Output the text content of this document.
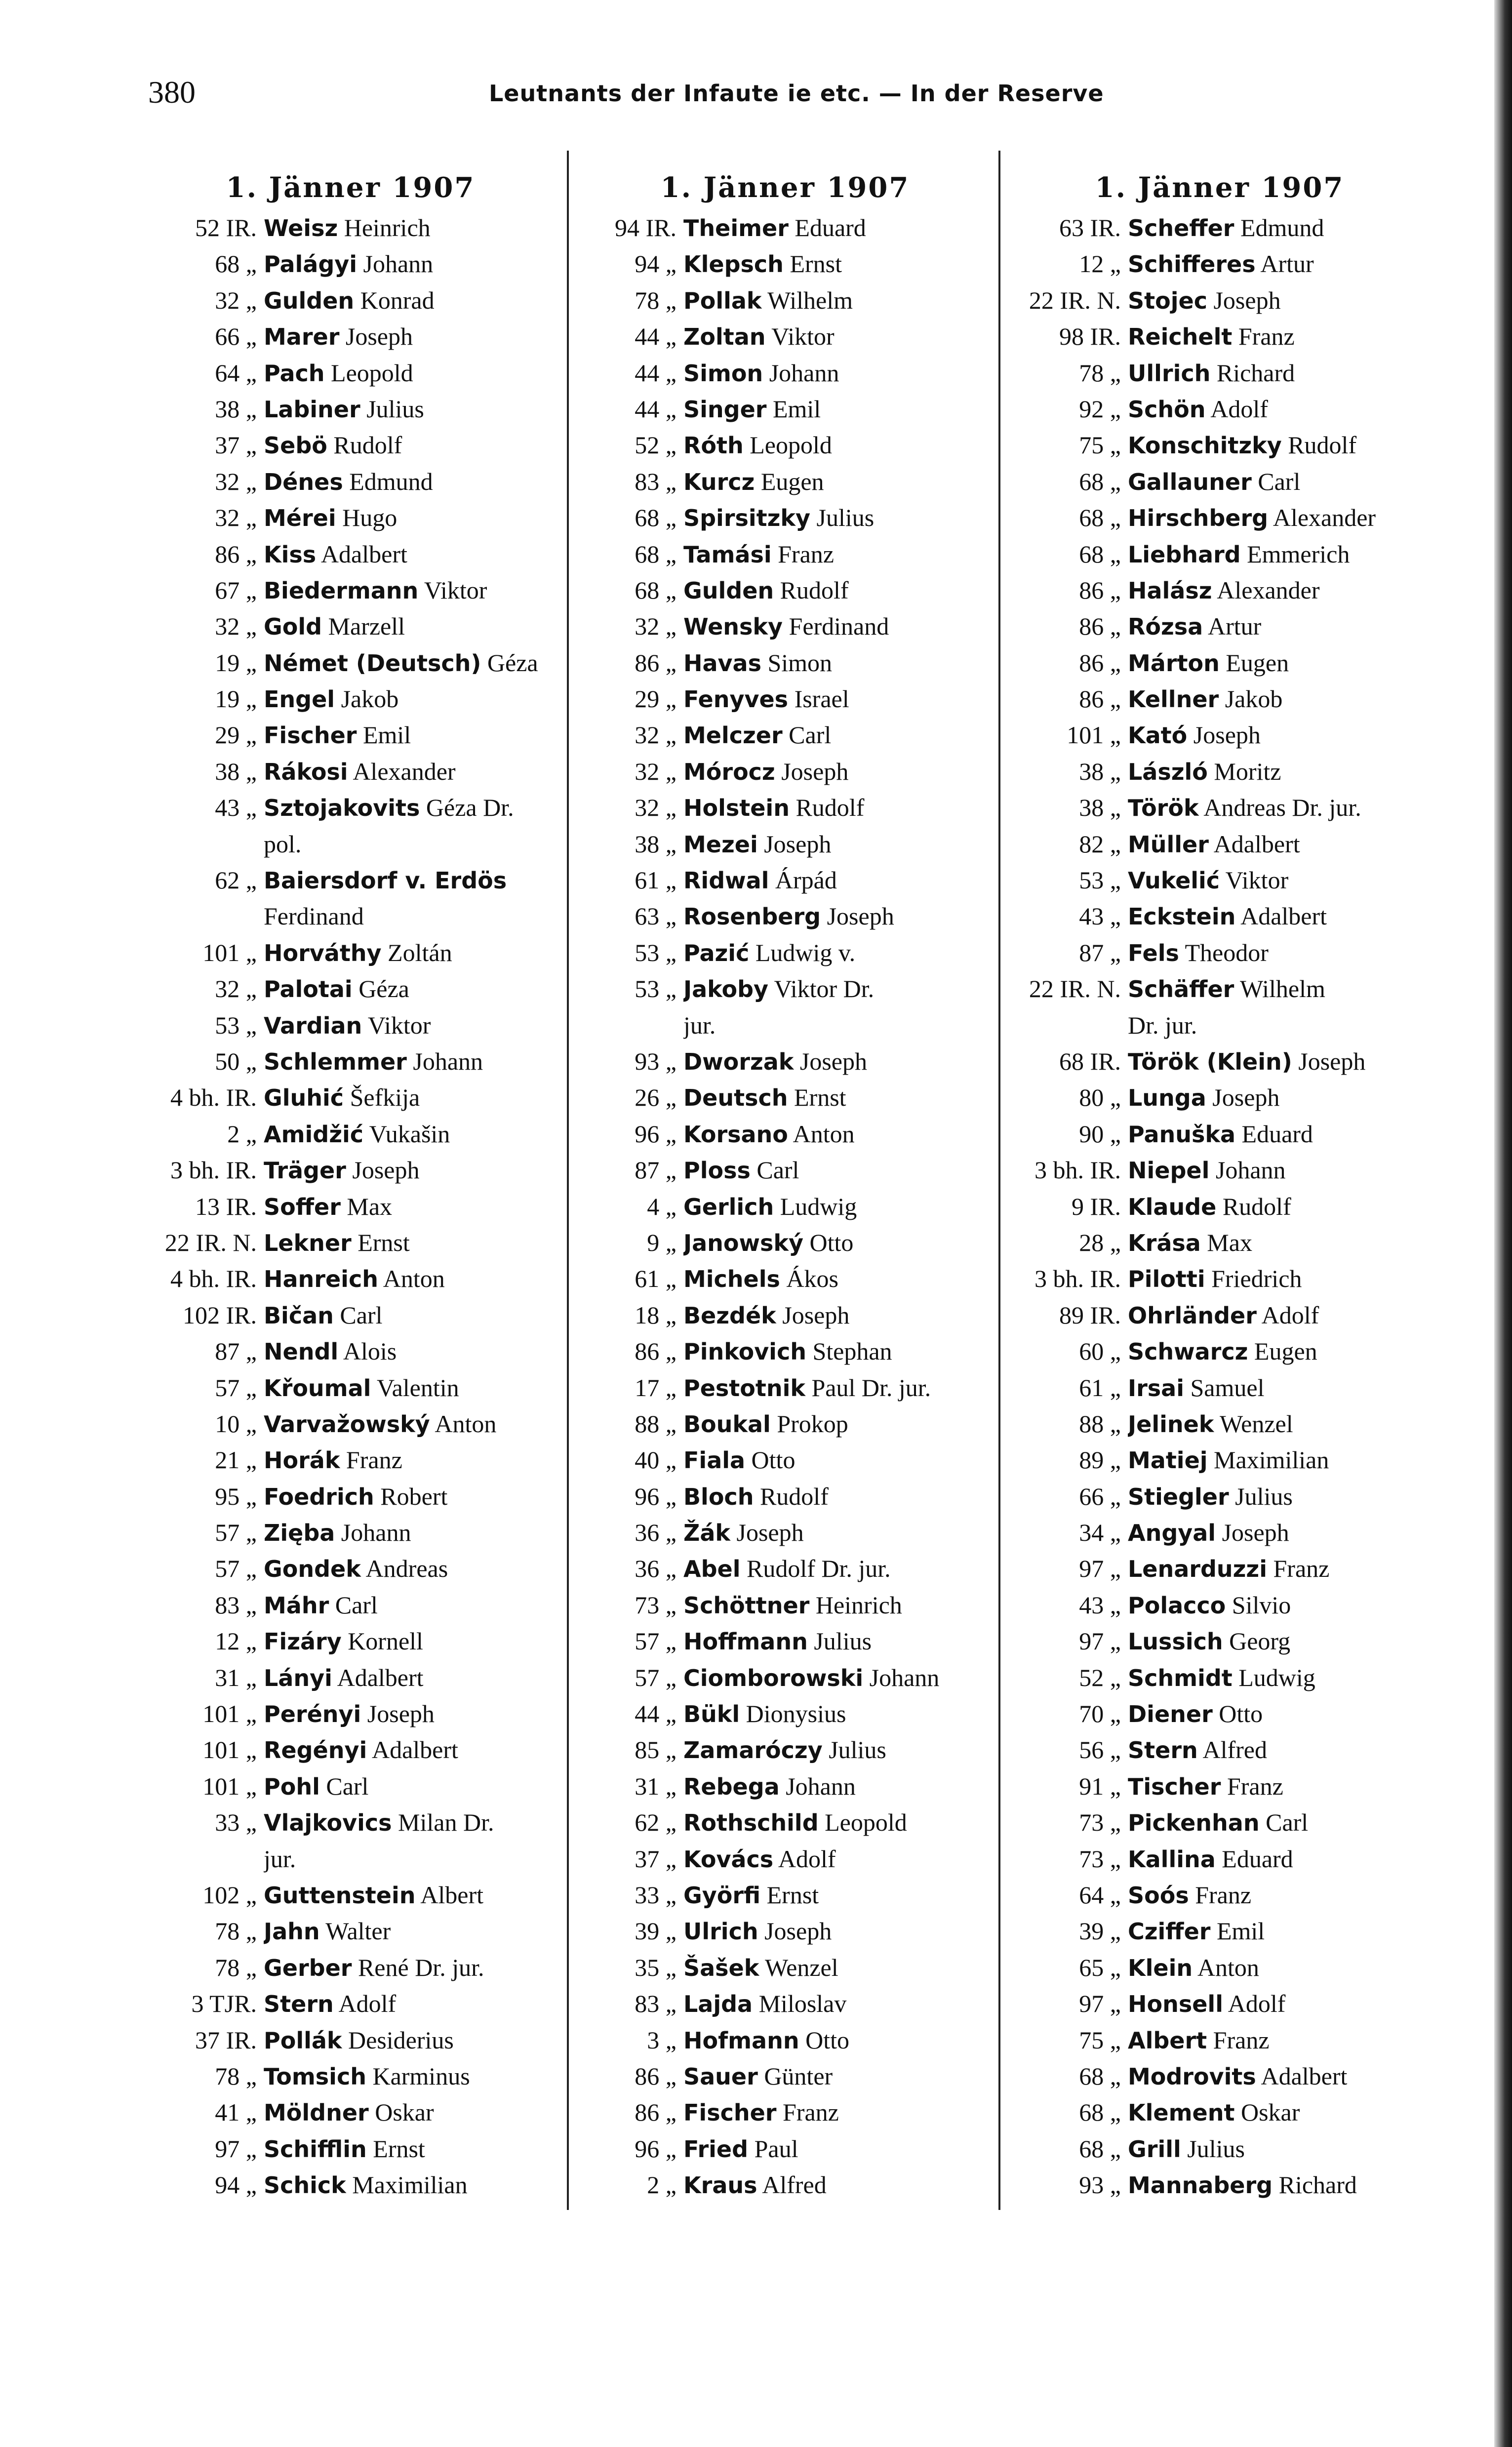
380	Leutnants der Infaute ie etc. — In der Reserve
1. Jänner 1907
52 IR. Weisz Heinrich
68 „ Palágyi Johann
32 „ Gulden Konrad
66 „ Marer Joseph
64 „ Pach Leopold
38 „ Labiner Julius
37 „ Sebö Rudolf
32 „ Dénes Edmund
32 „ Mérei Hugo
86 „ Kiss Adalbert
67 „ Biedermann Viktor
32 „ Gold Marzell
19 „ Német (Deutsch) Géza
19 „ Engel Jakob
29 „ Fischer Emil
38 „ Rákosi Alexander
43 „ Sztojakovits Géza Dr.
pol.
62 „ Baiersdorf v. Erdös
Ferdinand
101 „ Horváthy Zoltán
32 „ Palotai Géza
53 „ Vardian Viktor
50 „ Schlemmer Johann
4 bh. IR. Gluhić Šefkija
2 „ Amidžić Vukašin
3 bh. IR. Träger Joseph
13 IR. Soffer Max
22 IR. N. Lekner Ernst
4 bh. IR. Hanreich Anton
102 IR. Bičan Carl
87 „ Nendl Alois
57 „ Křoumal Valentin
10 „ Varvažowský Anton
21 „ Horák Franz
95 „ Foedrich Robert
57 „ Zięba Johann
57 „ Gondek Andreas
83 „ Máhr Carl
12 „ Fizáry Kornell
31 „ Lányi Adalbert
101 „ Perényi Joseph
101 „ Regényi Adalbert
101 „ Pohl Carl
33 „ Vlajkovics Milan Dr.
jur.
102 „ Guttenstein Albert
78 „ Jahn Walter
78 „ Gerber René Dr. jur.
3 TJR. Stern Adolf
37 IR. Pollák Desiderius
78 „ Tomsich Karminus
41 „ Möldner Oskar
97 „ Schifflin Ernst
94 „ Schick Maximilian
1. Jänner 1907
94 IR. Theimer Eduard
94 „ Klepsch Ernst
78 „ Pollak Wilhelm
44 „ Zoltan Viktor
44 „ Simon Johann
44 „ Singer Emil
52 „ Róth Leopold
83 „ Kurcz Eugen
68 „ Spirsitzky Julius
68 „ Tamási Franz
68 „ Gulden Rudolf
32 „ Wensky Ferdinand
86 „ Havas Simon
29 „ Fenyves Israel
32 „ Melczer Carl
32 „ Mórocz Joseph
32 „ Holstein Rudolf
38 „ Mezei Joseph
61 „ Ridwal Árpád
63 „ Rosenberg Joseph
53 „ Pazić Ludwig v.
53 „ Jakoby Viktor Dr.
jur.
93 „ Dworzak Joseph
26 „ Deutsch Ernst
96 „ Korsano Anton
87 „ Ploss Carl
4 „ Gerlich Ludwig
9 „ Janowský Otto
61 „ Michels Ákos
18 „ Bezdék Joseph
86 „ Pinkovich Stephan
17 „ Pestotnik Paul Dr. jur.
88 „ Boukal Prokop
40 „ Fiala Otto
96 „ Bloch Rudolf
36 „ Žák Joseph
36 „ Abel Rudolf Dr. jur.
73 „ Schöttner Heinrich
57 „ Hoffmann Julius
57 „ Ciomborowski Johann
44 „ Bükl Dionysius
85 „ Zamaróczy Julius
31 „ Rebega Johann
62 „ Rothschild Leopold
37 „ Kovács Adolf
33 „ Györfi Ernst
39 „ Ulrich Joseph
35 „ Šašek Wenzel
83 „ Lajda Miloslav
3 „ Hofmann Otto
86 „ Sauer Günter
86 „ Fischer Franz
96 „ Fried Paul
2 „ Kraus Alfred
1. Jänner 1907
63 IR. Scheffer Edmund
12 „ Schifferes Artur
22 IR. N. Stojec Joseph
98 IR. Reichelt Franz
78 „ Ullrich Richard
92 „ Schön Adolf
75 „ Konschitzky Rudolf
68 „ Gallauner Carl
68 „ Hirschberg Alexander
68 „ Liebhard Emmerich
86 „ Halász Alexander
86 „ Rózsa Artur
86 „ Márton Eugen
86 „ Kellner Jakob
101 „ Kató Joseph
38 „ László Moritz
38 „ Török Andreas Dr. jur.
82 „ Müller Adalbert
53 „ Vukelić Viktor
43 „ Eckstein Adalbert
87 „ Fels Theodor
22 IR. N. Schäffer Wilhelm
Dr. jur.
68 IR. Török (Klein) Joseph
80 „ Lunga Joseph
90 „ Panuška Eduard
3 bh. IR. Niepel Johann
9 IR. Klaude Rudolf
28 „ Krása Max
3 bh. IR. Pilotti Friedrich
89 IR. Ohrländer Adolf
60 „ Schwarcz Eugen
61 „ Irsai Samuel
88 „ Jelinek Wenzel
89 „ Matiej Maximilian
66 „ Stiegler Julius
34 „ Angyal Joseph
97 „ Lenarduzzi Franz
43 „ Polacco Silvio
97 „ Lussich Georg
52 „ Schmidt Ludwig
70 „ Diener Otto
56 „ Stern Alfred
91 „ Tischer Franz
73 „ Pickenhan Carl
73 „ Kallina Eduard
64 „ Soós Franz
39 „ Cziffer Emil
65 „ Klein Anton
97 „ Honsell Adolf
75 „ Albert Franz
68 „ Modrovits Adalbert
68 „ Klement Oskar
68 „ Grill Julius
93 „ Mannaberg Richard
